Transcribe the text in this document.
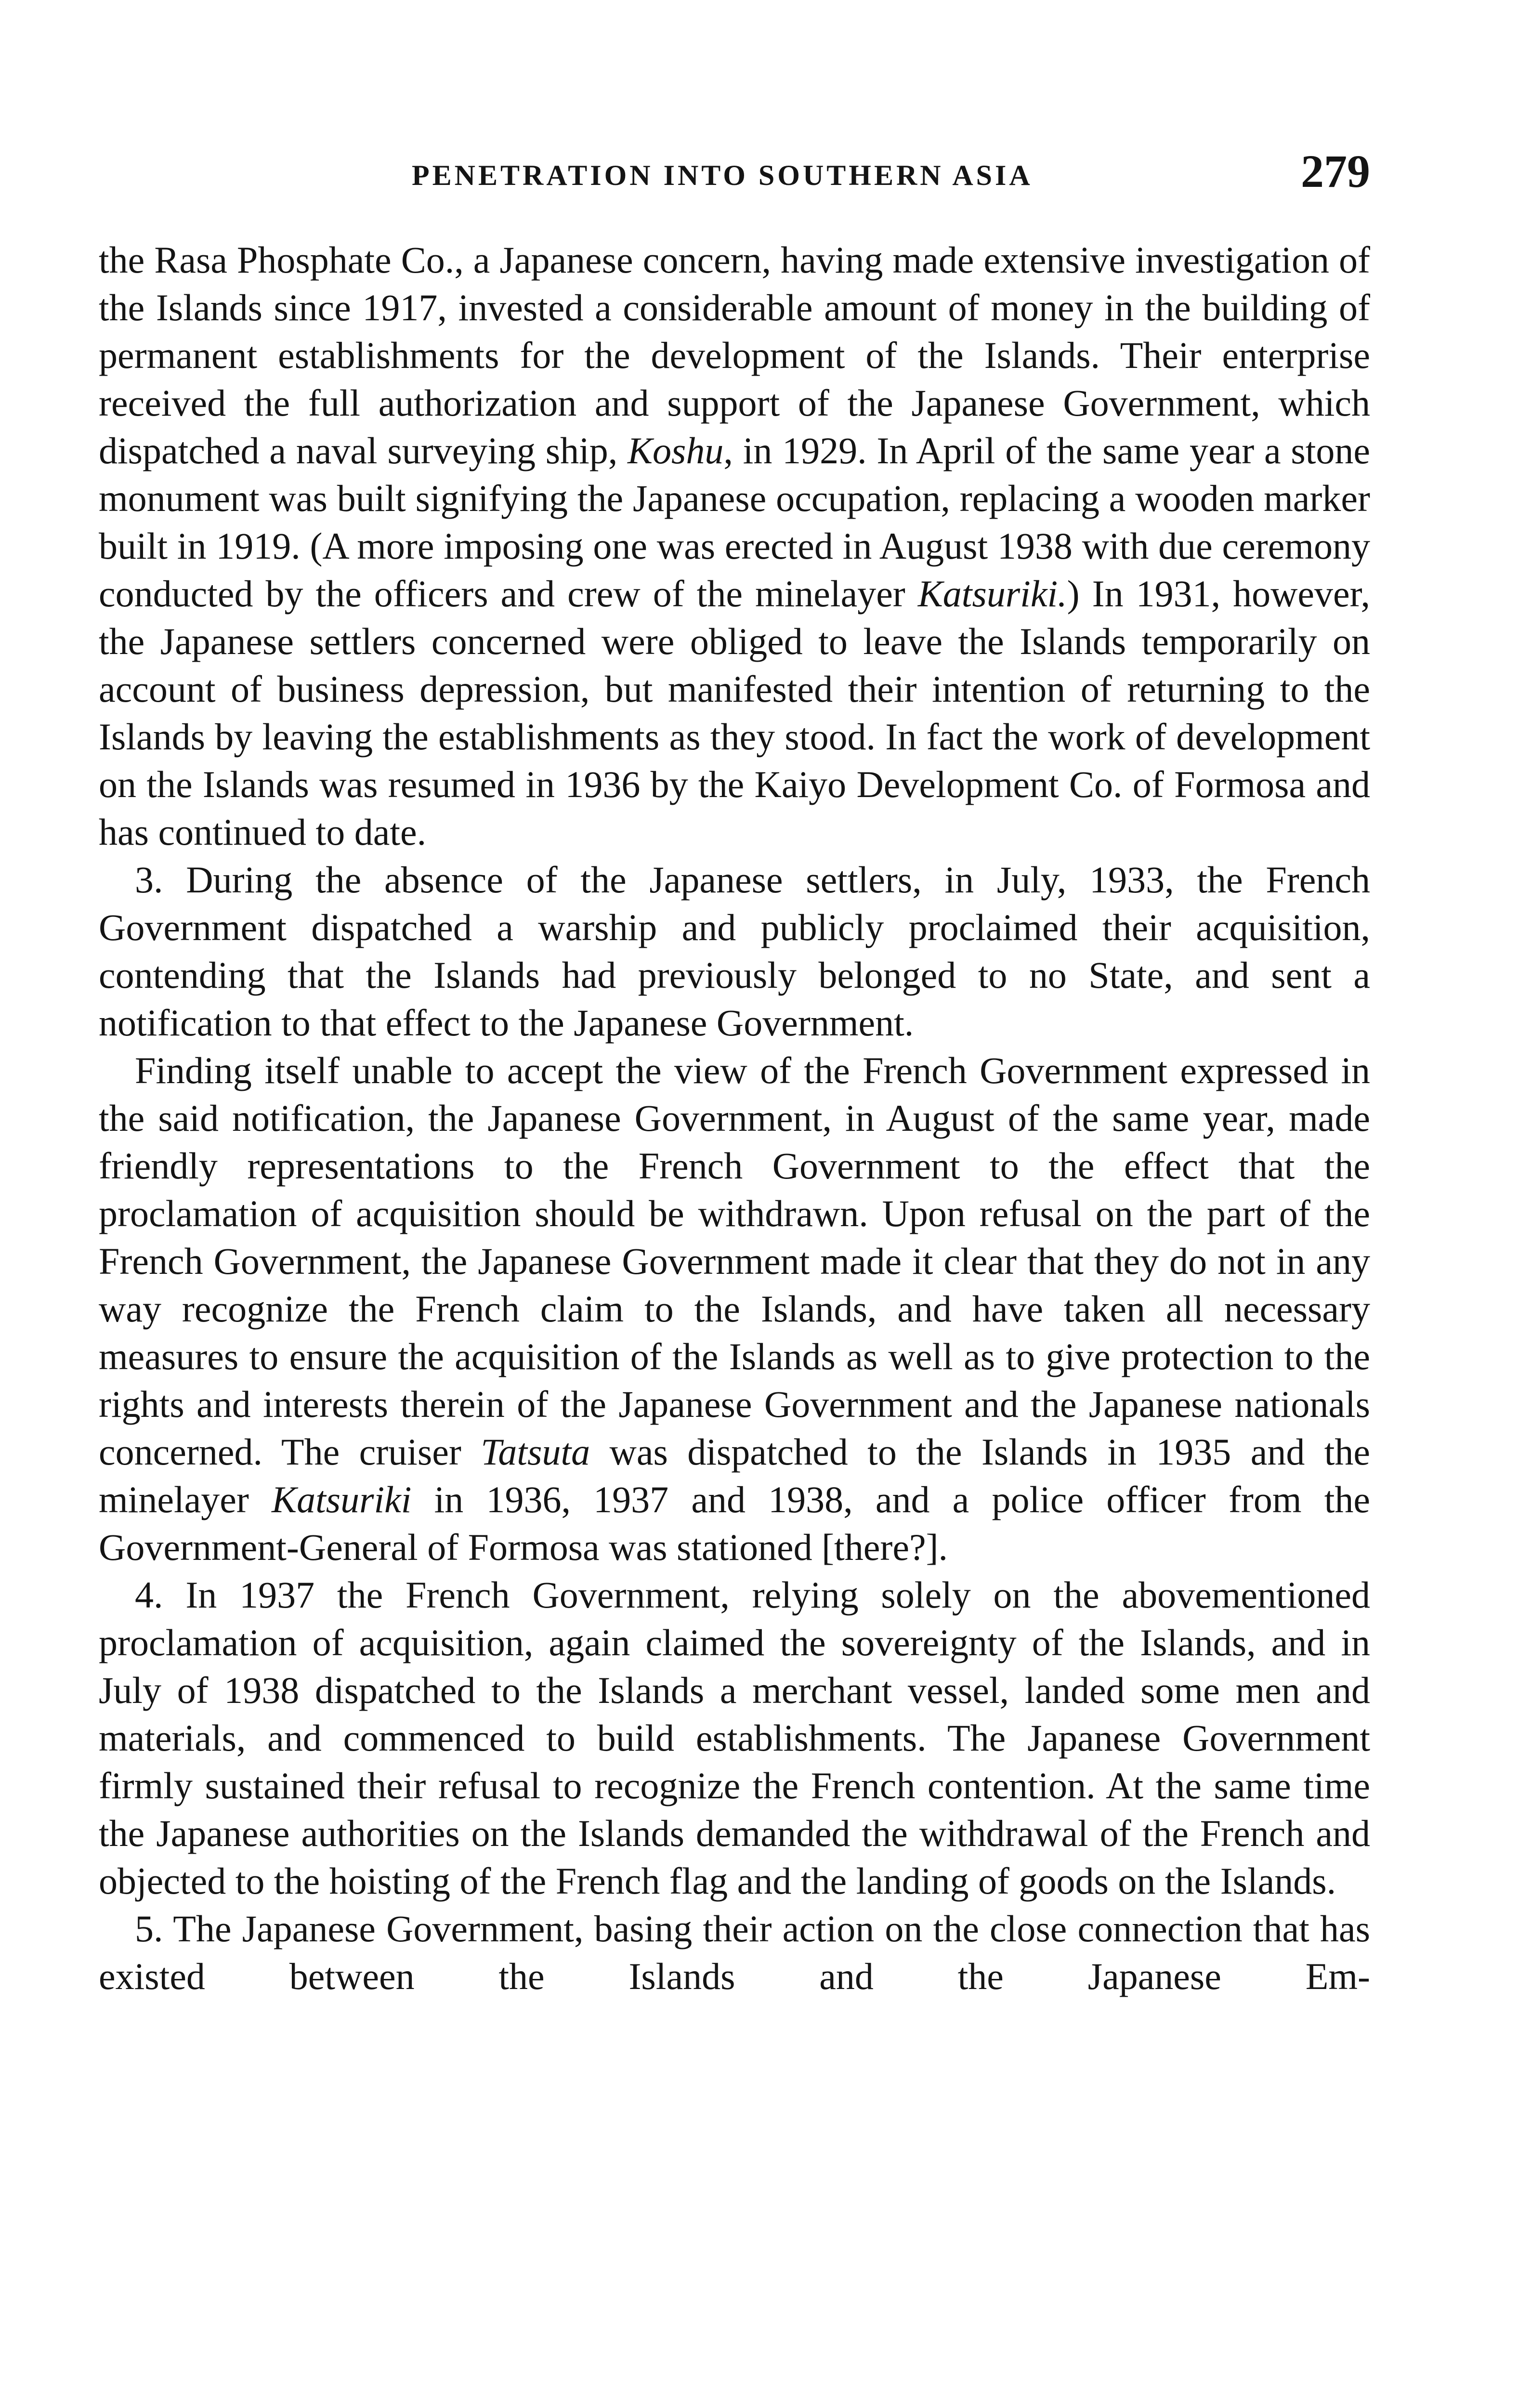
PENETRATION INTO SOUTHERN ASIA	279

the Rasa Phosphate Co., a Japanese concern, having made extensive investigation of the Islands since 1917, invested a considerable amount of money in the building of permanent establishments for the development of the Islands. Their enterprise received the full authorization and support of the Japanese Government, which dispatched a naval surveying ship, Koshu, in 1929. In April of the same year a stone monument was built signifying the Japanese occupation, replacing a wooden marker built in 1919. (A more imposing one was erected in August 1938 with due ceremony conducted by the officers and crew of the minelayer Katsuriki.) In 1931, however, the Japanese settlers concerned were obliged to leave the Islands temporarily on account of business depression, but manifested their intention of returning to the Islands by leaving the establishments as they stood. In fact the work of development on the Islands was resumed in 1936 by the Kaiyo Development Co. of Formosa and has continued to date.

3. During the absence of the Japanese settlers, in July, 1933, the French Government dispatched a warship and publicly proclaimed their acquisition, contending that the Islands had previously belonged to no State, and sent a notification to that effect to the Japanese Government.

Finding itself unable to accept the view of the French Government expressed in the said notification, the Japanese Government, in August of the same year, made friendly representations to the French Government to the effect that the proclamation of acquisition should be withdrawn. Upon refusal on the part of the French Government, the Japanese Government made it clear that they do not in any way recognize the French claim to the Islands, and have taken all necessary measures to ensure the acquisition of the Islands as well as to give protection to the rights and interests therein of the Japanese Government and the Japanese nationals concerned. The cruiser Tatsuta was dispatched to the Islands in 1935 and the minelayer Katsuriki in 1936, 1937 and 1938, and a police officer from the Government-General of Formosa was stationed [there?].

4. In 1937 the French Government, relying solely on the abovementioned proclamation of acquisition, again claimed the sovereignty of the Islands, and in July of 1938 dispatched to the Islands a merchant vessel, landed some men and materials, and commenced to build establishments. The Japanese Government firmly sustained their refusal to recognize the French contention. At the same time the Japanese authorities on the Islands demanded the withdrawal of the French and objected to the hoisting of the French flag and the landing of goods on the Islands.

5. The Japanese Government, basing their action on the close connection that has existed between the Islands and the Japanese Em-
